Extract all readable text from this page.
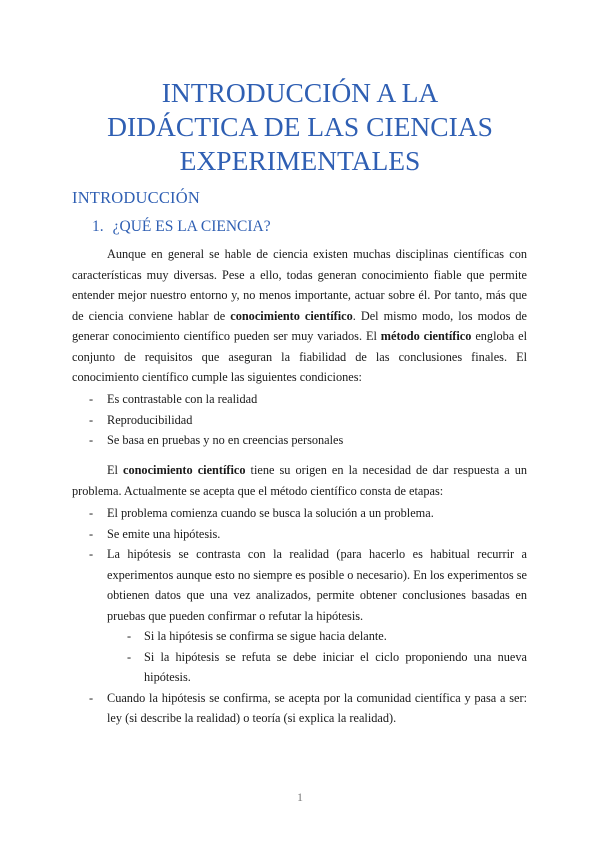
INTRODUCCIÓN A LA
DIDÁCTICA DE LAS CIENCIAS
EXPERIMENTALES
INTRODUCCIÓN
1. ¿QUÉ ES LA CIENCIA?

Aunque en general se hable de ciencia existen muchas disciplinas científicas con características muy diversas. Pese a ello, todas generan conocimiento fiable que permite entender mejor nuestro entorno y, no menos importante, actuar sobre él. Por tanto, más que de ciencia conviene hablar de conocimiento científico. Del mismo modo, los modos de generar conocimiento científico pueden ser muy variados. El método científico engloba el conjunto de requisitos que aseguran la fiabilidad de las conclusiones finales. El conocimiento científico cumple las siguientes condiciones:

- Es contrastable con la realidad
- Reproducibilidad
- Se basa en pruebas y no en creencias personales

El conocimiento científico tiene su origen en la necesidad de dar respuesta a un problema. Actualmente se acepta que el método científico consta de etapas:

- El problema comienza cuando se busca la solución a un problema.
- Se emite una hipótesis.
- La hipótesis se contrasta con la realidad (para hacerlo es habitual recurrir a experimentos aunque esto no siempre es posible o necesario). En los experimentos se obtienen datos que una vez analizados, permite obtener conclusiones basadas en pruebas que pueden confirmar o refutar la hipótesis.
- Si la hipótesis se confirma se sigue hacia delante.
- Si la hipótesis se refuta se debe iniciar el ciclo proponiendo una nueva hipótesis.
- Cuando la hipótesis se confirma, se acepta por la comunidad científica y pasa a ser: ley (si describe la realidad) o teoría (si explica la realidad).
1
